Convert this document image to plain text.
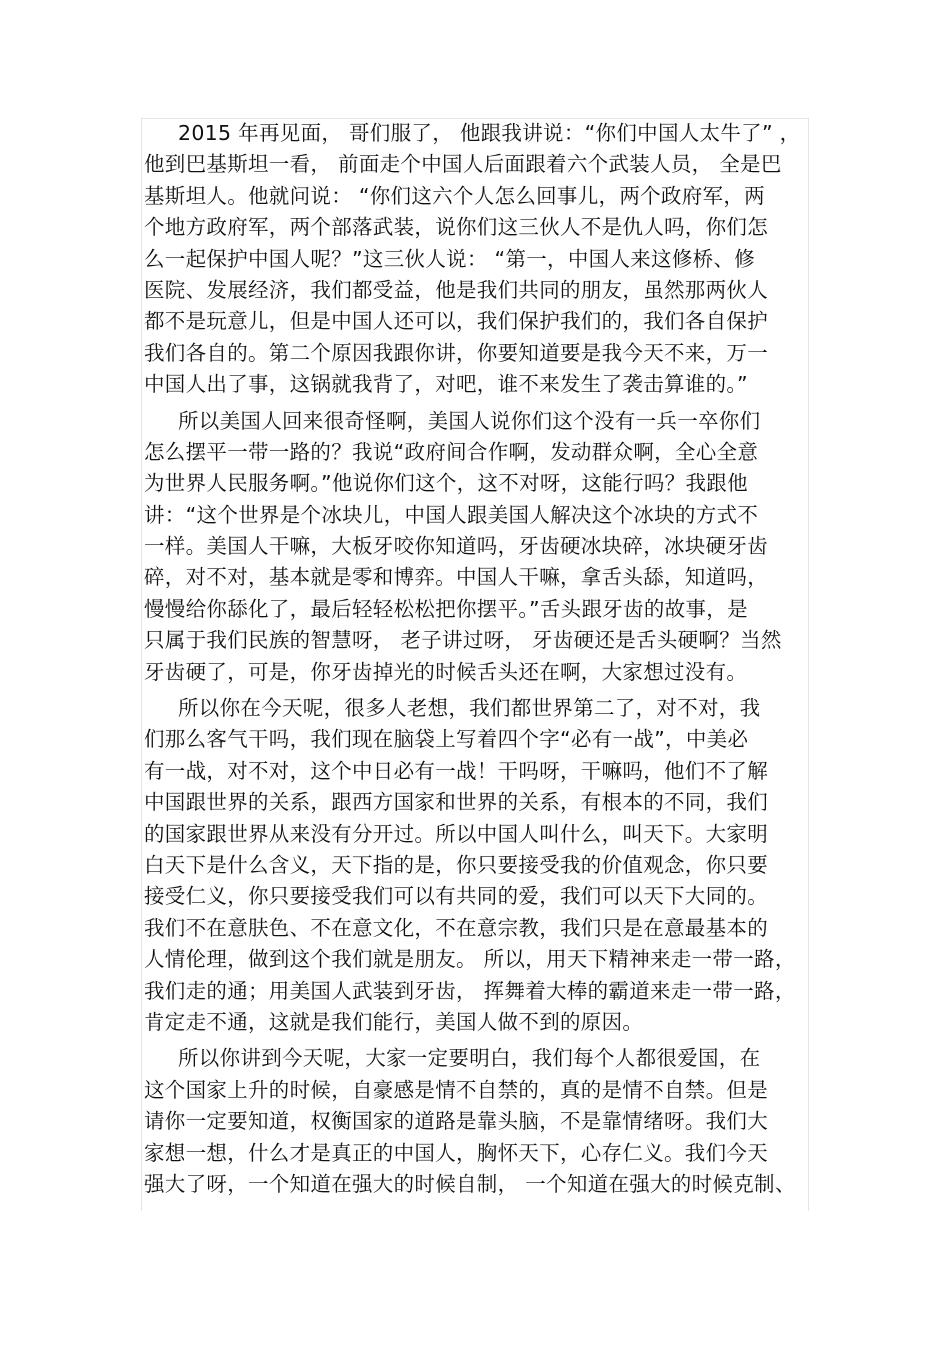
2015 年再见面， 哥们服了， 他跟我讲说：“你们中国人太牛了” ，
他到巴基斯坦一看， 前面走个中国人后面跟着六个武装人员， 全是巴
基斯坦人。他就问说： “你们这六个人怎么回事儿，两个政府军，两
个地方政府军，两个部落武装，说你们这三伙人不是仇人吗，你们怎
么一起保护中国人呢？”这三伙人说： “第一，中国人来这修桥、修
医院、发展经济，我们都受益，他是我们共同的朋友，虽然那两伙人
都不是玩意儿，但是中国人还可以，我们保护我们的，我们各自保护
我们各自的。第二个原因我跟你讲，你要知道要是我今天不来，万一
中国人出了事，这锅就我背了，对吧，谁不来发生了袭击算谁的。”
所以美国人回来很奇怪啊，美国人说你们这个没有一兵一卒你们
怎么摆平一带一路的？我说“政府间合作啊，发动群众啊，全心全意
为世界人民服务啊。”他说你们这个，这不对呀，这能行吗？我跟他
讲：“这个世界是个冰块儿，中国人跟美国人解决这个冰块的方式不
一样。美国人干嘛，大板牙咬你知道吗，牙齿硬冰块碎，冰块硬牙齿
碎，对不对，基本就是零和博弈。中国人干嘛，拿舌头舔，知道吗，
慢慢给你舔化了，最后轻轻松松把你摆平。”舌头跟牙齿的故事，是
只属于我们民族的智慧呀， 老子讲过呀， 牙齿硬还是舌头硬啊？当然
牙齿硬了，可是，你牙齿掉光的时候舌头还在啊，大家想过没有。
所以你在今天呢，很多人老想，我们都世界第二了，对不对，我
们那么客气干吗，我们现在脑袋上写着四个字“必有一战”，中美必
有一战，对不对，这个中日必有一战！干吗呀，干嘛吗，他们不了解
中国跟世界的关系，跟西方国家和世界的关系，有根本的不同，我们
的国家跟世界从来没有分开过。所以中国人叫什么，叫天下。大家明
白天下是什么含义，天下指的是，你只要接受我的价值观念，你只要
接受仁义，你只要接受我们可以有共同的爱，我们可以天下大同的。
我们不在意肤色、不在意文化，不在意宗教，我们只是在意最基本的
人情伦理，做到这个我们就是朋友。 所以，用天下精神来走一带一路，
我们走的通；用美国人武装到牙齿， 挥舞着大棒的霸道来走一带一路，
肯定走不通，这就是我们能行，美国人做不到的原因。
所以你讲到今天呢，大家一定要明白，我们每个人都很爱国，在
这个国家上升的时候，自豪感是情不自禁的，真的是情不自禁。但是
请你一定要知道，权衡国家的道路是靠头脑，不是靠情绪呀。我们大
家想一想，什么才是真正的中国人，胸怀天下，心存仁义。我们今天
强大了呀，一个知道在强大的时候自制， 一个知道在强大的时候克制、
